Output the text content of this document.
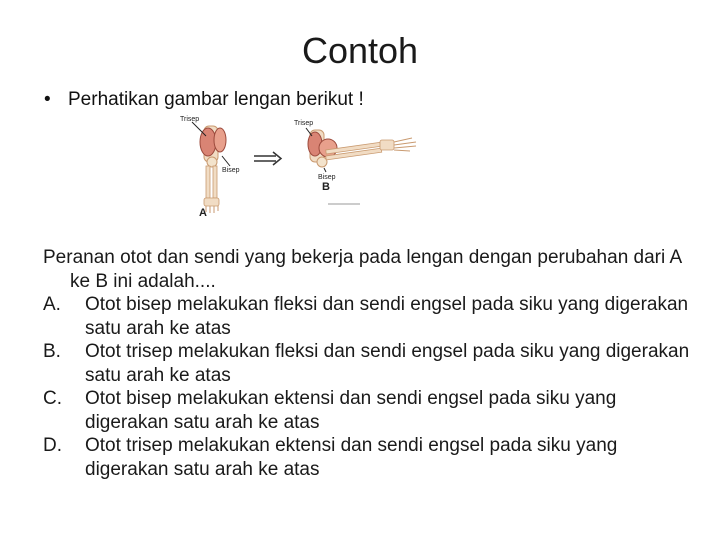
Contoh
• Perhatikan gambar lengan berikut !
Trisep
Bisep
A
Trisep
Bisep
B
Peranan otot dan sendi yang bekerja pada lengan dengan perubahan dari A ke B ini adalah....
A. Otot bisep melakukan fleksi dan sendi engsel pada siku yang digerakan satu arah ke atas
B. Otot trisep melakukan fleksi dan sendi engsel pada siku yang digerakan satu arah ke atas
C. Otot bisep melakukan ektensi dan sendi engsel pada siku yang digerakan satu arah ke atas
D. Otot trisep melakukan ektensi dan sendi engsel pada siku yang digerakan satu arah ke atas
